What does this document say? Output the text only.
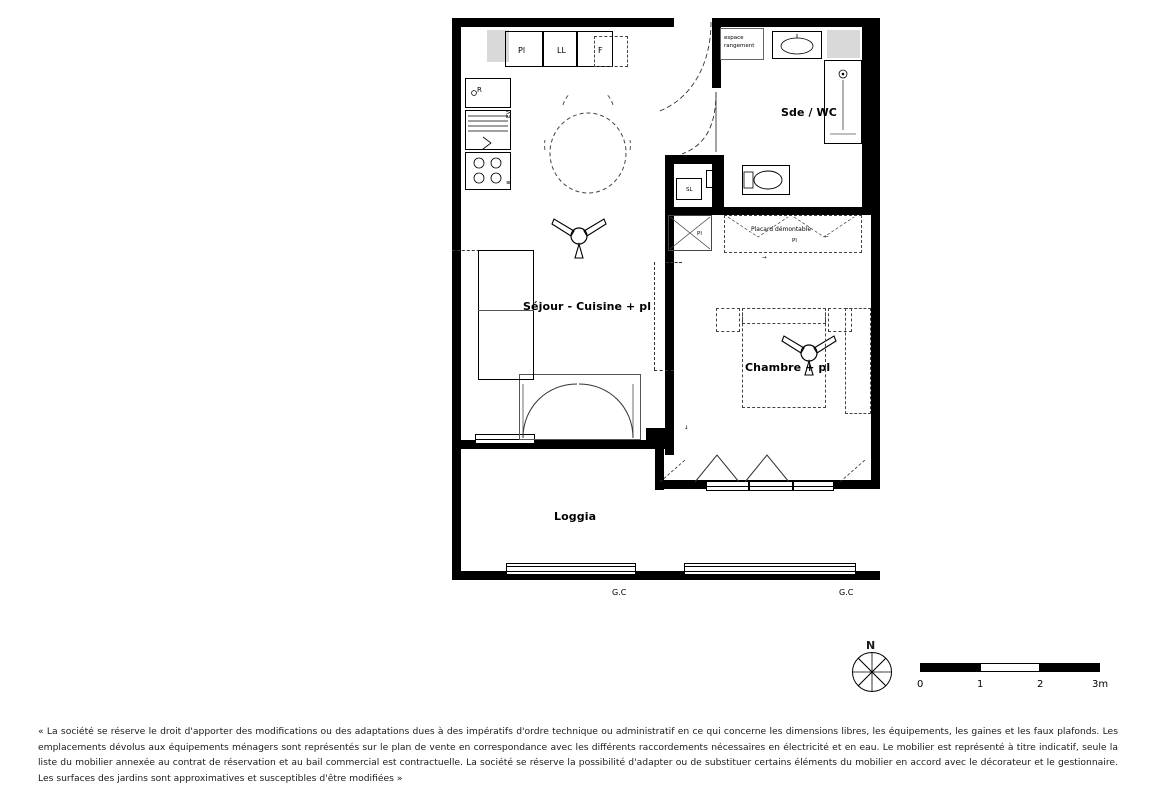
Pl	LL	F
R
EV
≡
espace
rangement
SL
Sde / WC
Pl
Placard démontable
Pl
←
→
↓
Chambre + pl
Séjour - Cuisine + pl
Loggia
G.C	G.C
N
0	1	2	3m
« La société se réserve le droit d'apporter des modifications ou des adaptations dues à des impératifs d'ordre technique ou administratif en ce qui concerne les dimensions libres, les équipements, les gaines et les faux plafonds. Les emplacements dévolus aux équipements ménagers sont représentés sur le plan de vente en correspondance avec les différents raccordements nécessaires en électricité et en eau. Le mobilier est représenté à titre indicatif, seule la liste du mobilier annexée au contrat de réservation et au bail commercial est contractuelle. La société se réserve la possibilité d'adapter ou de substituer certains éléments du mobilier en accord avec le décorateur et le gestionnaire. Les surfaces des jardins sont approximatives et susceptibles d'être modifiées »
